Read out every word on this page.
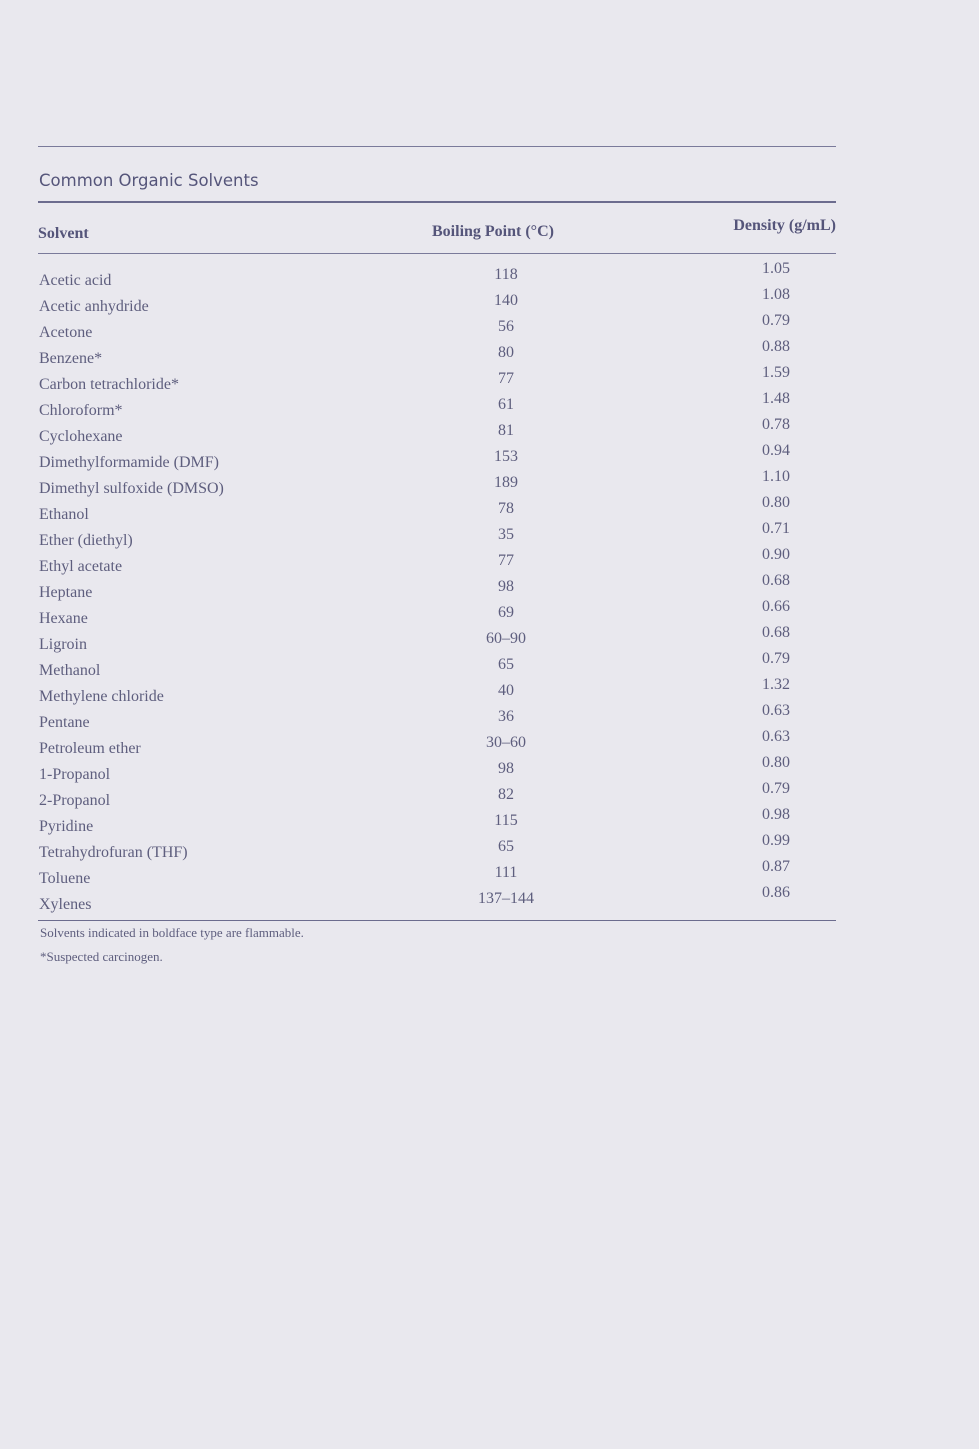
Common Organic Solvents
Solvent	Boiling Point (°C)	Density (g/mL)
Acetic acid	118	1.05
Acetic anhydride	140	1.08
Acetone	56	0.79
Benzene*	80	0.88
Carbon tetrachloride*	77	1.59
Chloroform*	61	1.48
Cyclohexane	81	0.78
Dimethylformamide (DMF)	153	0.94
Dimethyl sulfoxide (DMSO)	189	1.10
Ethanol	78	0.80
Ether (diethyl)	35	0.71
Ethyl acetate	77	0.90
Heptane	98	0.68
Hexane	69	0.66
Ligroin	60–90	0.68
Methanol	65	0.79
Methylene chloride	40	1.32
Pentane	36	0.63
Petroleum ether	30–60	0.63
1-Propanol	98	0.80
2-Propanol	82	0.79
Pyridine	115	0.98
Tetrahydrofuran (THF)	65	0.99
Toluene	111	0.87
Xylenes	137–144	0.86
Solvents indicated in boldface type are flammable.
*Suspected carcinogen.
